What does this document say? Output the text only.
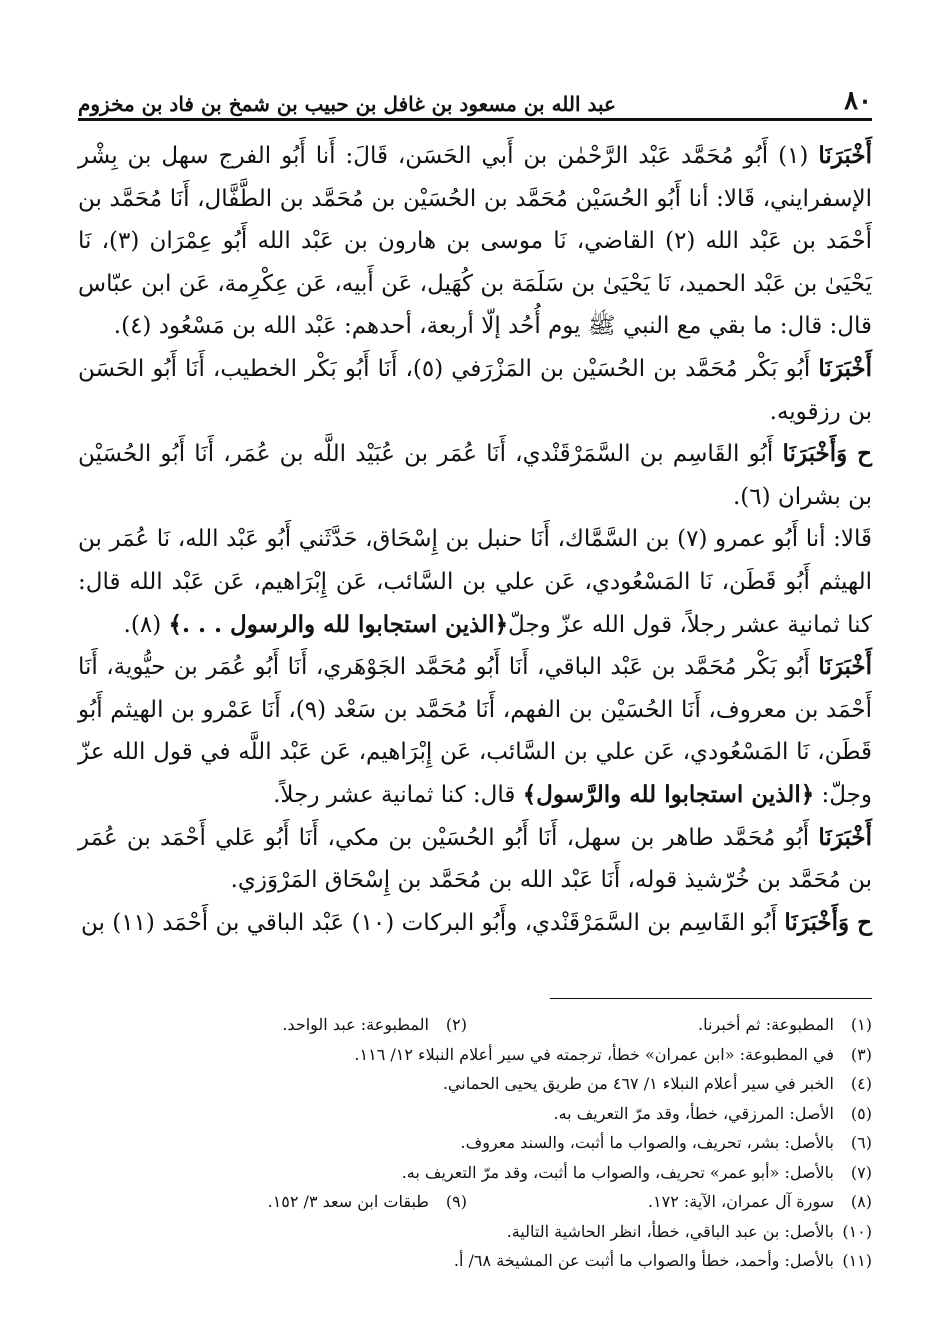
٨٠
عبد الله بن مسعود بن غافل بن حبيب بن شمخ بن فاد بن مخزوم

أَخْبَرَنَا (١) أَبُو مُحَمَّد عَبْد الرَّحْمٰن بن أَبي الحَسَن، قَالَ: أَنا أَبُو الفرج سهل بن بِشْر الإسفرايني، قَالا: أنا أَبُو الحُسَيْن مُحَمَّد بن الحُسَيْن بن مُحَمَّد بن الطَّفَّال، أَنَا مُحَمَّد بن أَحْمَد بن عَبْد الله (٢) القاضي، نَا موسى بن هارون بن عَبْد الله أَبُو عِمْرَان (٣)، نَا يَحْيَىٰ بن عَبْد الحميد، نَا يَحْيَىٰ بن سَلَمَة بن كُهَيل، عَن أَبيه، عَن عِكْرِمة، عَن ابن عبّاس قال: قال: ما بقي مع النبي ﷺ يوم أُحُد إلّا أربعة، أحدهم: عَبْد الله بن مَسْعُود (٤).

أَخْبَرَنَا أَبُو بَكْر مُحَمَّد بن الحُسَيْن بن المَزْرَفي (٥)، أَنَا أَبُو بَكْر الخطيب، أَنَا أَبُو الحَسَن بن رزقويه.

ح وَأَخْبَرَنَا أَبُو القَاسِم بن السَّمَرْقَنْدي، أَنَا عُمَر بن عُبَيْد اللَّه بن عُمَر، أَنَا أَبُو الحُسَيْن بن بشران (٦).

قَالا: أنا أَبُو عمرو (٧) بن السَّمَّاك، أَنَا حنبل بن إِسْحَاق، حَدَّثَني أَبُو عَبْد الله، نَا عُمَر بن الهيثم أَبُو قَطَن، نَا المَسْعُودي، عَن علي بن السَّائب، عَن إِبْرَاهيم، عَن عَبْد الله قال: كنا ثمانية عشر رجلاً، قول الله عزّ وجلّ﴿الذين استجابوا لله والرسول . . .﴾ (٨).

أَخْبَرَنَا أَبُو بَكْر مُحَمَّد بن عَبْد الباقي، أَنَا أَبُو مُحَمَّد الجَوْهَري، أَنَا أَبُو عُمَر بن حيُّوية، أَنَا أَحْمَد بن معروف، أَنَا الحُسَيْن بن الفهم، أَنَا مُحَمَّد بن سَعْد (٩)، أَنَا عَمْرو بن الهيثم أَبُو قَطَن، نَا المَسْعُودي، عَن علي بن السَّائب، عَن إِبْرَاهيم، عَن عَبْد اللَّه في قول الله عزّ وجلّ: ﴿الذين استجابوا لله والرَّسول﴾ قال: كنا ثمانية عشر رجلاً.

أَخْبَرَنَا أَبُو مُحَمَّد طاهر بن سهل، أَنَا أَبُو الحُسَيْن بن مكي، أَنَا أَبُو عَلي أَحْمَد بن عُمَر بن مُحَمَّد بن خُرّشيذ قوله، أَنَا عَبْد الله بن مُحَمَّد بن إِسْحَاق المَرْوَزي.

ح وَأَخْبَرَنَا أَبُو القَاسِم بن السَّمَرْقَنْدي، وأَبُو البركات (١٠) عَبْد الباقي بن أَحْمَد (١١) بن

(١)المطبوعة: ثم أخبرنا.
(٢)المطبوعة: عبد الواحد.
(٣)في المطبوعة: «ابن عمران» خطأ، ترجمته في سير أعلام النبلاء ١٢/ ١١٦.
(٤)الخبر في سير أعلام النبلاء ١/ ٤٦٧ من طريق يحيى الحماني.
(٥)الأصل: المرزقي، خطأ، وقد مرّ التعريف به.
(٦)بالأصل: بشر، تحريف، والصواب ما أثبت، والسند معروف.
(٧)بالأصل: «أبو عمر» تحريف، والصواب ما أثبت، وقد مرّ التعريف به.
(٨)سورة آل عمران، الآية: ١٧٢.
(٩)طبقات ابن سعد ٣/ ١٥٢.
(١٠)بالأصل: بن عبد الباقي، خطأ، انظر الحاشية التالية.
(١١)بالأصل: وأحمد، خطأ والصواب ما أثبت عن المشيخة ٦٨/ أ.
